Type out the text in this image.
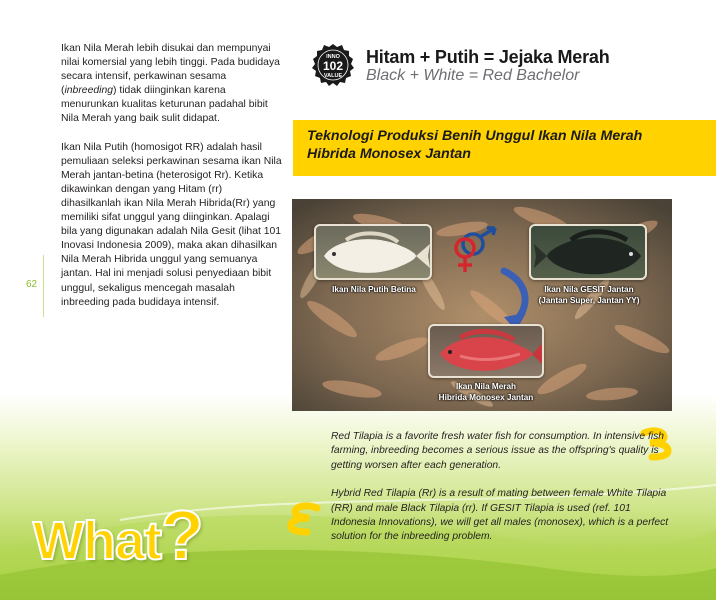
62

Ikan Nila Merah lebih disukai dan mempunyai nilai komersial yang lebih tinggi. Pada budidaya secara intensif, perkawinan sesama (inbreeding) tidak diinginkan karena menurunkan kualitas keturunan padahal bibit Nila Merah yang baik sulit didapat.

Ikan Nila Putih (homosigot RR) adalah hasil pemuliaan seleksi perkawinan sesama ikan Nila Merah jantan-betina (heterosigot Rr). Ketika dikawinkan dengan yang Hitam (rr) dihasilkanlah ikan Nila Merah Hibrida(Rr) yang memiliki sifat unggul yang diinginkan. Apalagi bila yang digunakan adalah Nila Gesit (lihat 101 Inovasi Indonesia 2009), maka akan dihasilkan Nila Merah Hibrida unggul yang semuanya jantan. Hal ini menjadi solusi penyediaan bibit unggul, sekaligus mencegah masalah inbreeding pada budidaya intensif.

INNO
102
VALUE
Hitam + Putih = Jejaka Merah
Black + White = Red Bachelor
Teknologi Produksi Benih Unggul Ikan Nila Merah
Hibrida Monosex Jantan
Ikan Nila Putih Betina	Ikan Nila GESIT Jantan
(Jantan Super, Jantan YY)
Ikan Nila Merah
Hibrida Monosex Jantan

Red Tilapia is a favorite fresh water fish for consumption. In intensive fish farming, inbreeding becomes a serious issue as the offspring's quality is getting worsen after each generation.

Hybrid Red Tilapia (Rr) is a result of mating between female White Tilapia (RR) and male Black Tilapia (rr). If GESIT Tilapia is used (ref. 101 Indonesia Innovations), we will get all males (monosex), which is a perfect solution for the inbreeding problem.

What?
